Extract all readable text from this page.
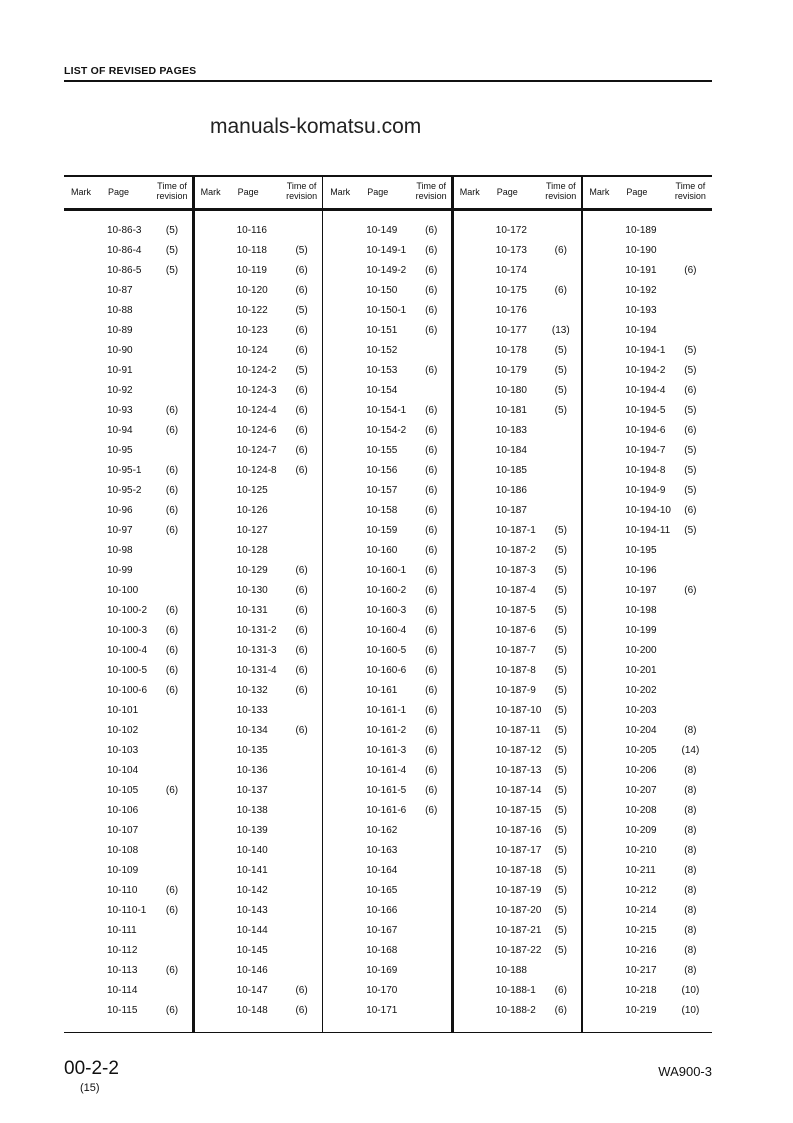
LIST OF REVISED PAGES
manuals-komatsu.com
Mark Page
Time of revision
10-86-3	(5)
10-86-4	(5)
10-86-5	(5)
10-87
10-88
10-89
10-90
10-91
10-92
10-93	(6)
10-94	(6)
10-95
10-95-1	(6)
10-95-2	(6)
10-96	(6)
10-97	(6)
10-98
10-99
10-100
10-100-2	(6)
10-100-3	(6)
10-100-4	(6)
10-100-5	(6)
10-100-6	(6)
10-101
10-102
10-103
10-104
10-105	(6)
10-106
10-107
10-108
10-109
10-110	(6)
10-110-1	(6)
10-111
10-112
10-113	(6)
10-114
10-115	(6)
Mark Page
Time of revision
10-116
10-118	(5)
10-119	(6)
10-120	(6)
10-122	(5)
10-123	(6)
10-124	(6)
10-124-2	(5)
10-124-3	(6)
10-124-4	(6)
10-124-6	(6)
10-124-7	(6)
10-124-8	(6)
10-125
10-126
10-127
10-128
10-129	(6)
10-130	(6)
10-131	(6)
10-131-2	(6)
10-131-3	(6)
10-131-4	(6)
10-132	(6)
10-133
10-134	(6)
10-135
10-136
10-137
10-138
10-139
10-140
10-141
10-142
10-143
10-144
10-145
10-146
10-147	(6)
10-148	(6)
Mark Page
Time of revision
10-149	(6)
10-149-1	(6)
10-149-2	(6)
10-150	(6)
10-150-1	(6)
10-151	(6)
10-152
10-153	(6)
10-154
10-154-1	(6)
10-154-2	(6)
10-155	(6)
10-156	(6)
10-157	(6)
10-158	(6)
10-159	(6)
10-160	(6)
10-160-1	(6)
10-160-2	(6)
10-160-3	(6)
10-160-4	(6)
10-160-5	(6)
10-160-6	(6)
10-161	(6)
10-161-1	(6)
10-161-2	(6)
10-161-3	(6)
10-161-4	(6)
10-161-5	(6)
10-161-6	(6)
10-162
10-163
10-164
10-165
10-166
10-167
10-168
10-169
10-170
10-171
Mark Page
Time of revision
10-172
10-173	(6)
10-174
10-175	(6)
10-176
10-177	(13)
10-178	(5)
10-179	(5)
10-180	(5)
10-181	(5)
10-183
10-184
10-185
10-186
10-187
10-187-1	(5)
10-187-2	(5)
10-187-3	(5)
10-187-4	(5)
10-187-5	(5)
10-187-6	(5)
10-187-7	(5)
10-187-8	(5)
10-187-9	(5)
10-187-10	(5)
10-187-11	(5)
10-187-12	(5)
10-187-13	(5)
10-187-14	(5)
10-187-15	(5)
10-187-16	(5)
10-187-17	(5)
10-187-18	(5)
10-187-19	(5)
10-187-20	(5)
10-187-21	(5)
10-187-22	(5)
10-188
10-188-1	(6)
10-188-2	(6)
Mark Page
Time of revision
10-189
10-190
10-191	(6)
10-192
10-193
10-194
10-194-1	(5)
10-194-2	(5)
10-194-4	(6)
10-194-5	(5)
10-194-6	(6)
10-194-7	(5)
10-194-8	(5)
10-194-9	(5)
10-194-10	(6)
10-194-11	(5)
10-195
10-196
10-197	(6)
10-198
10-199
10-200
10-201
10-202
10-203
10-204	(8)
10-205	(14)
10-206	(8)
10-207	(8)
10-208	(8)
10-209	(8)
10-210	(8)
10-211	(8)
10-212	(8)
10-214	(8)
10-215	(8)
10-216	(8)
10-217	(8)
10-218	(10)
10-219	(10)
00-2-2
(15)
WA900-3
